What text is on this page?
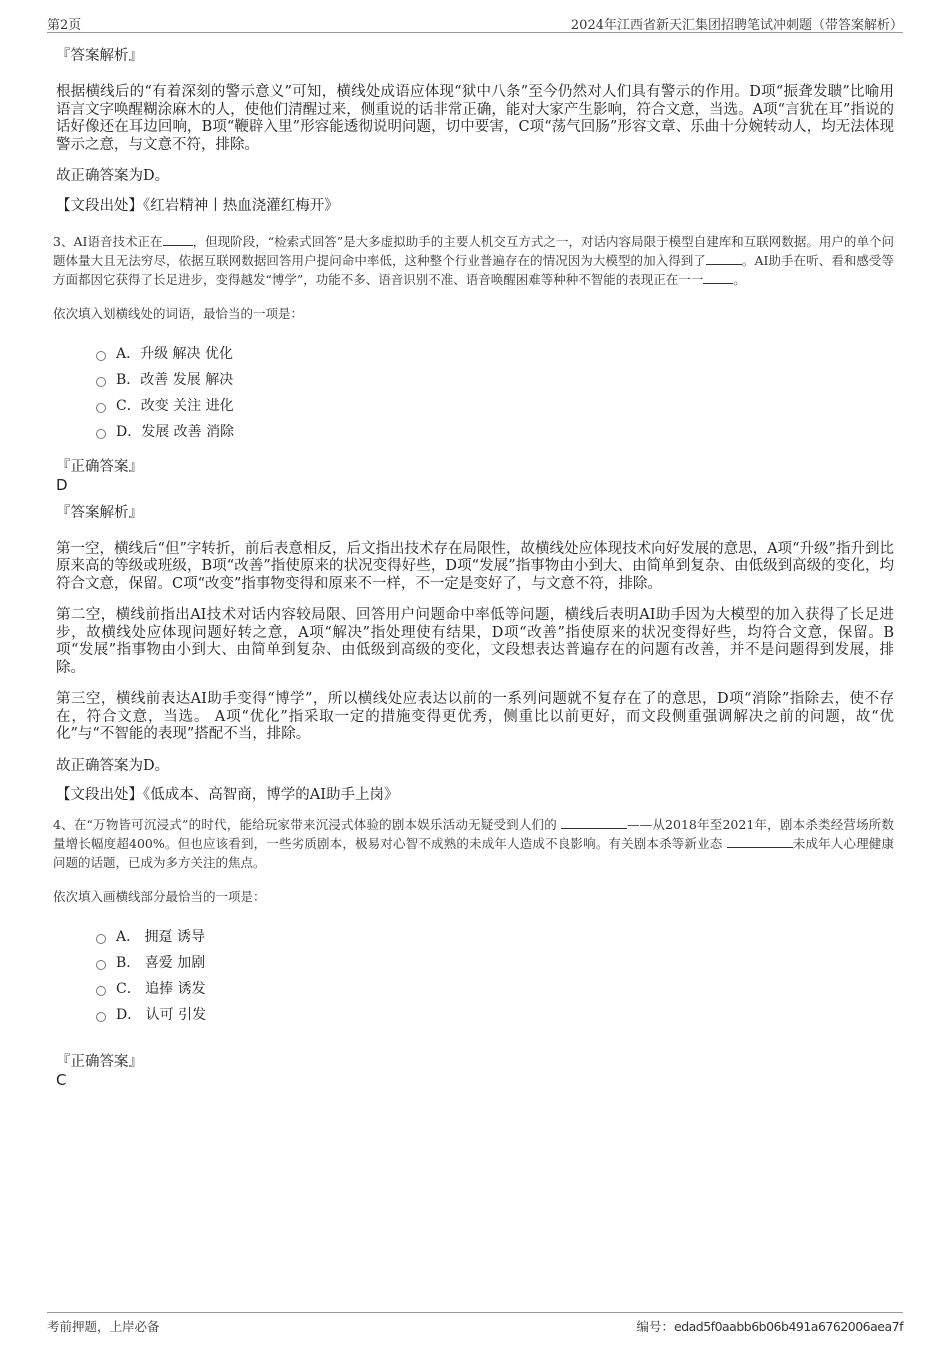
第2页	2024年江西省新天汇集团招聘笔试冲刺题（带答案解析）
『答案解析』
根据横线后的“有着深刻的警示意义”可知，横线处成语应体现“狱中八条”至今仍然对人们具有警示的作用。D项“振聋发聩”比喻用语言文字唤醒糊涂麻木的人，使他们清醒过来，侧重说的话非常正确，能对大家产生影响，符合文意，当选。A项“言犹在耳”指说的话好像还在耳边回响，B项“鞭辟入里”形容能透彻说明问题，切中要害，C项“荡气回肠”形容文章、乐曲十分婉转动人，均无法体现警示之意，与文意不符，排除。
故正确答案为D。
【文段出处】《红岩精神丨热血浇灌红梅开》
3、AI语音技术正在 ，但现阶段，“检索式回答”是大多虚拟助手的主要人机交互方式之一，对话内容局限于模型自建库和互联网数据。用户的单个问题体量大且无法穷尽，依据互联网数据回答用户提问命中率低，这种整个行业普遍存在的情况因为大模型的加入得到了	。AI助手在听、看和感受等方面都因它获得了长足进步，变得越发“博学”，功能不多、语音识别不准、语音唤醒困难等种种不智能的表现正在一一 。
依次填入划横线处的词语，最恰当的一项是：
A．升级 解决 优化
B．改善 发展 解决
C．改变 关注 进化
D．发展 改善 消除
『正确答案』
D
『答案解析』
第一空，横线后“但”字转折，前后表意相反，后文指出技术存在局限性，故横线处应体现技术向好发展的意思，A项“升级”指升到比原来高的等级或班级，B项“改善”指使原来的状况变得好些，D项“发展”指事物由小到大、由简单到复杂、由低级到高级的变化，均符合文意，保留。C项“改变”指事物变得和原来不一样，不一定是变好了，与文意不符，排除。
第二空，横线前指出AI技术对话内容较局限、回答用户问题命中率低等问题，横线后表明AI助手因为大模型的加入获得了长足进步，故横线处应体现问题好转之意，A项“解决”指处理使有结果，D项“改善”指使原来的状况变得好些，均符合文意，保留。B项“发展”指事物由小到大、由简单到复杂、由低级到高级的变化，文段想表达普遍存在的问题有改善，并不是问题得到发展，排除。
第三空，横线前表达AI助手变得“博学”，所以横线处应表达以前的一系列问题就不复存在了的意思，D项“消除”指除去，使不存在，符合文意，当选。 A项“优化”指采取一定的措施变得更优秀，侧重比以前更好，而文段侧重强调解决之前的问题，故“优化”与“不智能的表现”搭配不当，排除。
故正确答案为D。
【文段出处】《低成本、高智商，博学的AI助手上岗》
4、在“万物皆可沉浸式”的时代，能给玩家带来沉浸式体验的剧本娱乐活动无疑受到人们的	——从2018年至2021年，剧本杀类经营场所数量增长幅度超400%。但也应该看到，一些劣质剧本，极易对心智不成熟的未成年人造成不良影响。有关剧本杀等新业态	未成年人心理健康问题的话题，已成为多方关注的焦点。
依次填入画横线部分最恰当的一项是：
A． 拥趸 诱导
B． 喜爱 加剧
C． 追捧 诱发
D． 认可 引发
『正确答案』
C
考前押题，上岸必备	编号：edad5f0aabb6b06b491a6762006aea7f
